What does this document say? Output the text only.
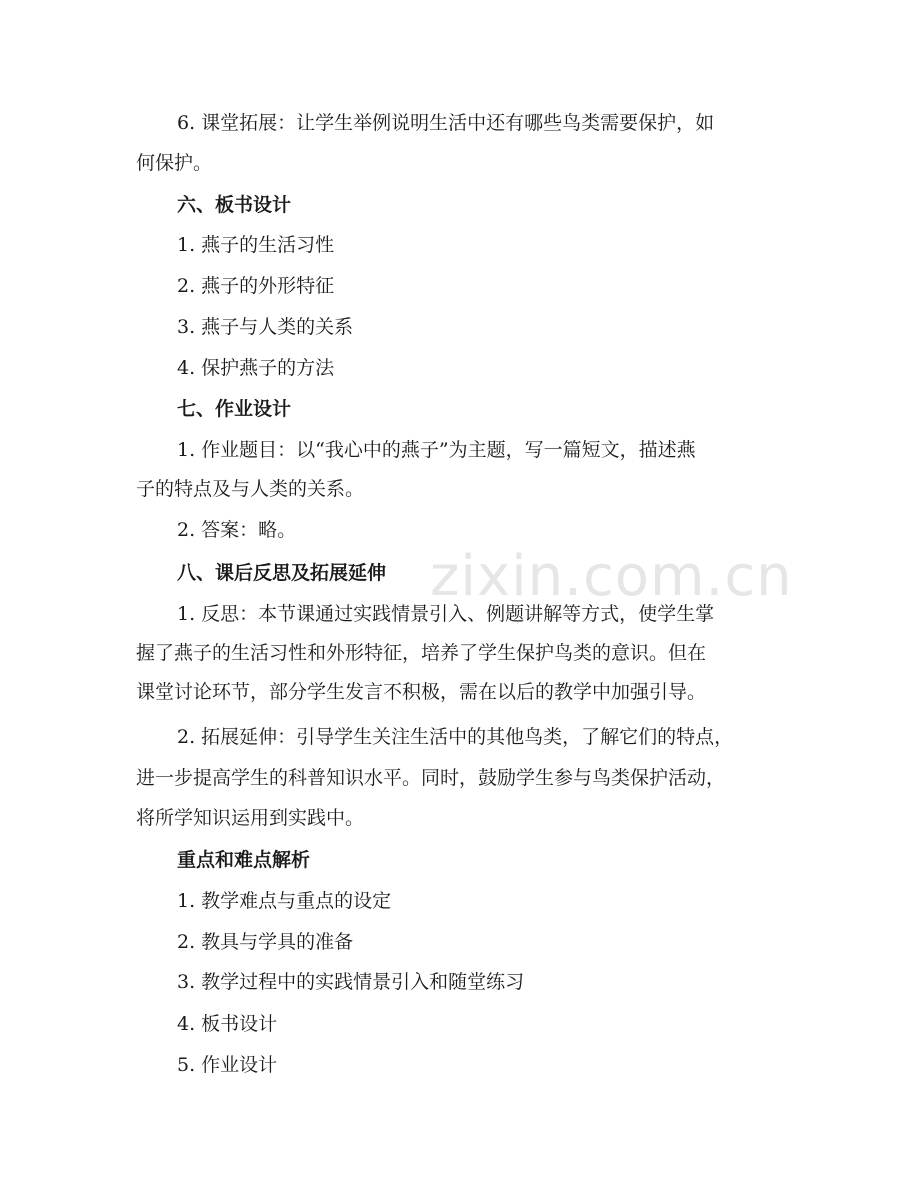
zixin.com.cn
6. 课堂拓展：让学生举例说明生活中还有哪些鸟类需要保护，如
何保护。
六、板书设计
1. 燕子的生活习性
2. 燕子的外形特征
3. 燕子与人类的关系
4. 保护燕子的方法
七、作业设计
1. 作业题目：以“我心中的燕子”为主题，写一篇短文，描述燕
子的特点及与人类的关系。
2. 答案：略。
八、课后反思及拓展延伸
1. 反思：本节课通过实践情景引入、例题讲解等方式，使学生掌
握了燕子的生活习性和外形特征，培养了学生保护鸟类的意识。但在
课堂讨论环节，部分学生发言不积极，需在以后的教学中加强引导。
2. 拓展延伸：引导学生关注生活中的其他鸟类，了解它们的特点，
进一步提高学生的科普知识水平。同时，鼓励学生参与鸟类保护活动，
将所学知识运用到实践中。
重点和难点解析
1. 教学难点与重点的设定
2. 教具与学具的准备
3. 教学过程中的实践情景引入和随堂练习
4. 板书设计
5. 作业设计
